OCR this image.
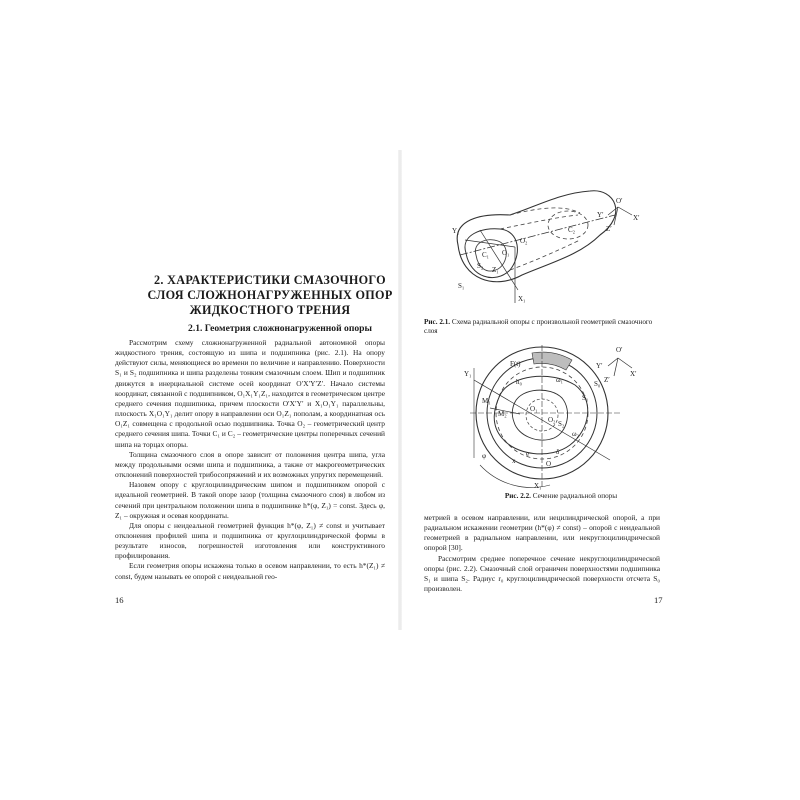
2. ХАРАКТЕРИСТИКИ СМАЗОЧНОГО
СЛОЯ СЛОЖНОНАГРУЖЕННЫХ ОПОР
ЖИДКОСТНОГО ТРЕНИЯ
2.1. Геометрия сложнонагруженной опоры

Рассмотрим схему сложнонагруженной радиальной автономной опоры жидкостного трения, состоящую из шипа и подшипника (рис. 2.1). На опору действуют силы, меняющиеся во времени по величине и направлению. Поверхности S₁ и S₂ подшипника и шипа разделены тонким смазочным слоем. Шип и подшипник движутся в инерциальной системе осей координат O′X′Y′Z′. Начало системы координат, связанной с подшипником, O₁X₁Y₁Z₁, находится в геометрическом центре среднего сечения подшипника, причем плоскости O′X′Y′ и X₁O₁Y₁ параллельны, плоскость X₁O₁Y₁ делит опору в направлении оси O₁Z₁ пополам, а координатная ось O₁Z₁ совмещена с продольной осью подшипника. Точка O₂ – геометрический центр среднего сечения шипа. Точки C₁ и C₂ – геометрические центры поперечных сечений шипа на торцах опоры.

Толщина смазочного слоя в опоре зависит от положения центра шипа, угла между продольными осями шипа и подшипника, а также от макрогеометрических отклонений поверхностей трибосопряжений и их возможных упругих перемещений.

Назовем опору с круглоцилиндрическим шипом и подшипником опорой с идеальной геометрией. В такой опоре зазор (толщина смазочного слоя) в любом из сечений при центральном положении шипа в подшипнике h*(φ, Z₁) = const. Здесь φ, Z₁ – окружная и осевая координаты.

Для опоры с неидеальной геометрией функция h*(φ, Z₁) ≠ const и учитывает отклонения профилей шипа и подшипника от круглоцилиндрической формы в результате износов, погрешностей изготовления или конструктивного профилирования.

Если геометрия опоры искажена только в осевом направлении, то есть h*(Z₁) ≠ const, будем называть ее опорой с неидеальной гео-

16
Y₁
O₂
C₂
C₁
S₂ Z₁
O₁
S₁
X₁
O′
Y′	X′
Z′
Рис. 2.1. Схема радиальной опоры с произвольной геометрией смазочного слоя
F(t)
S₀
S₁
S₂
M₁
M₂
O₁
O₂
h₀	ω₁
ω₂
X₁
Y₁
φ
x
e
O
δ
O′
Y′
X′
Z′
Рис. 2.2. Сечение радиальной опоры

метрией в осевом направлении, или нецилиндрической опорой, а при радиальном искажении геометрии (h*(φ) ≠ const) – опорой с неидеальной геометрией в радиальном направлении, или некруглоцилиндрической опорой [30].

Рассмотрим среднее поперечное сечение некруглоцилиндрической опоры (рис. 2.2). Смазочный слой ограничен поверхностями подшипника S₁ и шипа S₂. Радиус r₀ круглоцилиндрической поверхности отсчета S₀ произволен.

17
